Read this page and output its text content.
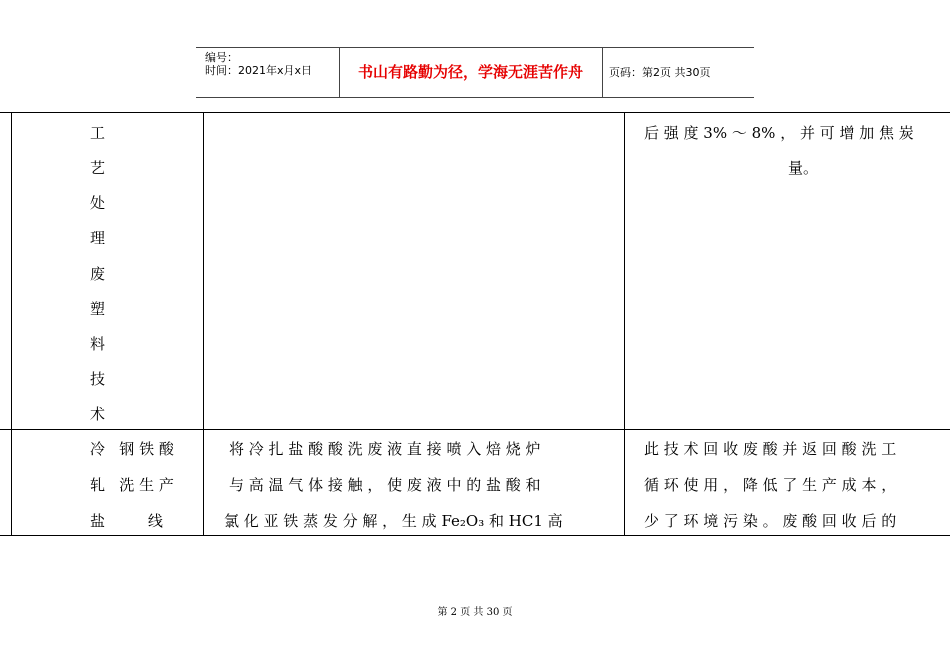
编号：
时间：2021年x月x日	书山有路勤为径，学海无涯苦作舟	页码：第2页 共30页
工
艺
处
理
废
塑
料
技
术
后 强 度 3% ～ 8% ， 并 可 增 加 焦 炭
量。
冷   钢 铁 酸
轧   洗 生 产
盐         线
将 冷 扎 盐 酸 酸 洗 废 液 直 接 喷 入 焙 烧 炉
与 高 温 气 体 接 触 ， 使 废 液 中 的 盐 酸 和
氯 化 亚 铁 蒸 发 分 解 ， 生 成 Fe₂O₃ 和 HC1 高
此 技 术 回 收 废 酸 并 返 回 酸 洗 工
循 环 使 用 ， 降 低 了 生 产 成 本 ，
少 了 环 境 污 染 。 废 酸 回 收 后 的
第 2 页 共 30 页
